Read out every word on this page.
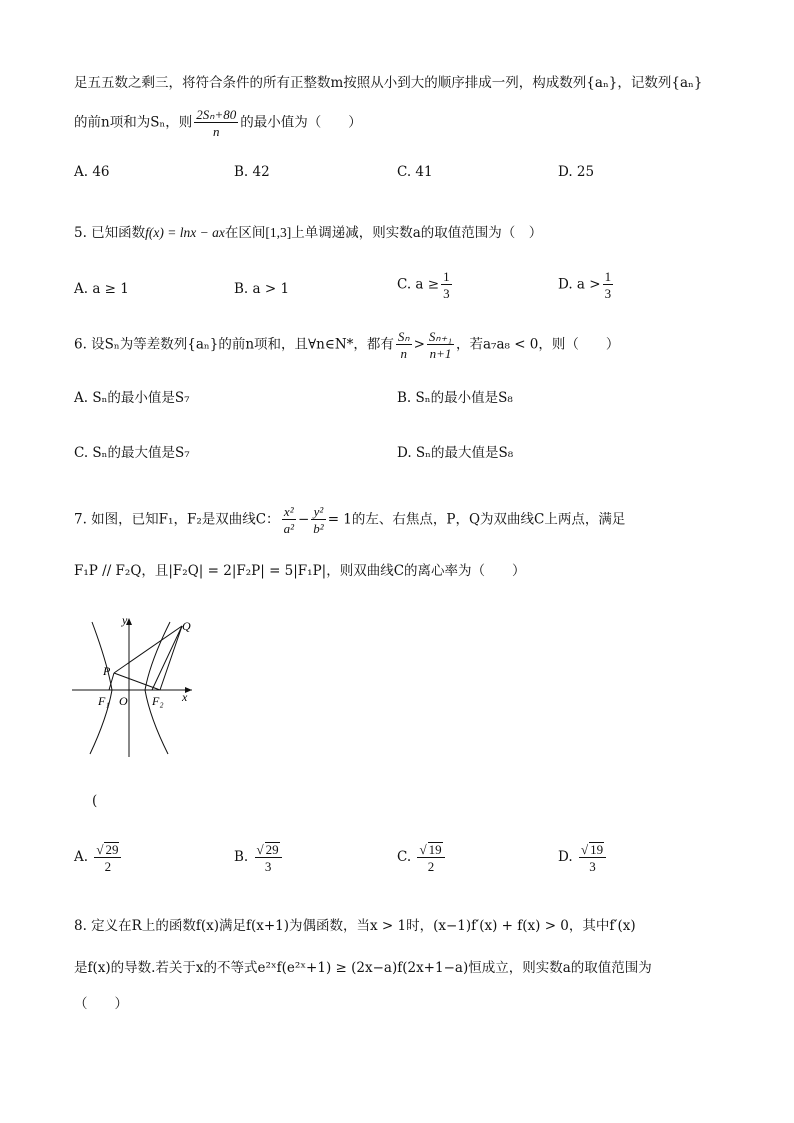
足五五数之剩三，将符合条件的所有正整数m按照从小到大的顺序排成一列，构成数列{aₙ}，记数列{aₙ}
的前n项和为Sₙ，则 $\frac{\text{2Sₙ+80}}{n}$ 的最小值为（　　）
A. 46	B. 42	C. 41	D. 25
5. 已知函数f(x) = lnx − ax在区间[1,3]上单调递减，则实数a的取值范围为（　）
A. a ≥ 1	B. a > 1	C. $a \ge \frac{1}{3}$	D. $a > \frac{1}{3}$
6. 设Sₙ为等差数列{aₙ}的前n项和，且∀n∈N*，都有 $\frac{\text{Sₙ}}{n} > \frac{\text{Sₙ₊₁}}{n+1}$ ，若a₇a₈ < 0，则（　　）
A. Sₙ的最小值是S₇	B. Sₙ的最小值是S₈
C. Sₙ的最大值是S₇	D. Sₙ的最大值是S₈
7. 如图，已知F₁，F₂是双曲线C： $\frac{\text{x²}}{\text{a²}} - \frac{\text{y²}}{\text{b²}} = 1$的左、右焦点，P，Q为双曲线C上两点，满足
F₁P // F₂Q，且|F₂Q| = 2|F₂P| = 5|F₁P|，则双曲线C的离心率为（　　）
y
x
Q
P
F₁ O F₂
(
A. $\frac{√ 29}{2}$	B. $\frac{√ 29}{3}$	C. $\frac{√ 19}{2}$	D. $\frac{√ 19}{3}$
8. 定义在R上的函数f(x)满足f(x+1)为偶函数，当x > 1时，(x−1)f′(x) + f(x) > 0，其中f′(x)
是f(x)的导数.若关于x的不等式e²ˣf(e²ˣ+1) ≥ (2x−a)f(2x+1−a)恒成立，则实数a的取值范围为
（　　）
